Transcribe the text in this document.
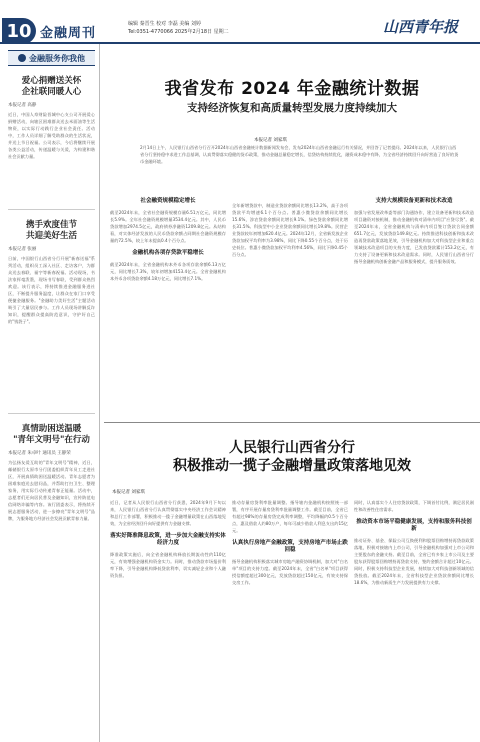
10 金融周刊
编辑 秦晋生 校对 李磊 美编 刘婷
Tel:0351-4770066 2025年2月18日 星期二	山西青年报
金融服务你我他
爱心捐赠送关怀
企社联同暖人心
本报记者 高静
近日，中国人寿财险晋城中心支公司开展爱心捐赠活动，向辖区困难群众送去米面油等生活物资，以实际行动践行企业社会责任。活动中，工作人员详细了解受助群众的生活状况，并送上节日祝福。公司表示，今后将继续开展各类公益活动，传递温暖与关爱，为构建和谐社会贡献力量。
携手欢度佳节
共迎美好生活
本报记者 张丽
日前，中国银行山西省分行开展"新春送福"系列活动，组织员工深入社区、走访客户，为群众送去春联、福字等新春祝福。活动现场，书法家挥毫泼墨，现场书写春联，受到群众热烈欢迎。该行表示，将持续推进金融服务进社区，不断提升服务温度，让群众在家门口享受便捷金融服务。"金融助力美好生活"主题活动吸引了大量居民参与。工作人员现场讲解反诈知识，提醒群众提高防范意识，守护好自己的"钱袋子"。
真情助困送温暖
"青年文明号"在行动
本报记者 朱卓叶 通讯员 王静荣
为弘扬友爱互助的"青年文明号"精神，近日，邮储银行太原市分行团委组织青年员工走进社区，开展真情助困送温暖活动。青年志愿者为困难家庭送去慰问品，并帮助打扫卫生、整理家务，用实际行动传递青春正能量。活动中，志愿者们还向居民普及金融知识，宣传防范电信网络诈骗等内容。该行团委表示，将持续开展志愿服务活动，进一步擦亮"青年文明号"品牌，为服务地方经济社会发展贡献青春力量。
我省发布 2024 年金融统计数据
支持经济恢复和高质量转型发展力度持续加大
本报记者 刘家琪
2月14日上午，人民银行山西省分行召开2024年山西省金融统计数据新闻发布会，发布2024年山西省金融运行有关情况，并回答了记者提问。2024年以来，人民银行山西省分行坚持稳中求进工作总基调，认真贯彻落实稳健的货币政策，推动金融总量稳定增长，信贷结构持续优化，融资成本稳中有降，为全省经济持续回升向好营造了良好的货币金融环境。
社会融资规模稳定增长
截至2024年末，全省社会融资规模存量6.51万亿元，同比增长5.9%。全年社会融资规模增量3534.4亿元。其中，人民币贷款增加2974.5亿元，政府债券净融资1209.8亿元。从结构看，对实体经济发放的人民币贷款余额占同期社会融资规模存量的72.5%，较上年末提高0.4个百分点。
金融机构各项存贷款平稳增长
截至2024年末，全省金融机构本外币各项存款余额6.13万亿元，同比增长7.3%，较年初增加4153.4亿元。全省金融机构本外币各项贷款余额4.18万亿元，同比增长7.1%。
全年新增贷款中，制造业贷款余额同比增长13.2%，高于各项贷款平均增速6.1个百分点。普惠小微贷款余额同比增长15.6%，涉农贷款余额同比增长9.1%。绿色贷款余额同比增长31.5%。科技型中小企业贷款余额同比增长19.8%。民营企业贷款较年初增加620.4亿元。2024年12月，全省新发放企业贷款加权平均利率为3.98%，同比下降0.55个百分点，处于历史低位。普惠小微贷款加权平均利率4.56%，同比下降0.45个百分点。
支持大规模设备更新和技术改造
加强与省发展改革委等部门沟通协作，建立设备更新和技术改造项目融资对接机制，推动金融机构对清单内项目"应贷尽贷"。截至2024年末，全省金融机构与清单内项目签订贷款合同金额651.7亿元，发放贷款149.8亿元。持续推进科技创新和技术改造再贷款政策落地见效，引导金融机构加大对科技型企业和重点领域技术改造项目的支持力度，已发放贷款累计153.2亿元，有力支持了设备更新和技术改造需求。同时，人民银行山西省分行指导金融机构创新金融产品和服务模式，提升服务质效。
人民银行山西省分行
积极推动一揽子金融增量政策落地见效
本报记者 刘家琪
近日，记者从人民银行山西省分行获悉，2024年9月下旬以来，人民银行山西省分行认真贯彻落实中央经济工作会议精神和总行工作部署，积极推动一揽子金融增量政策在山西落地见效，为全省经济回升向好提供有力金融支撑。
落实好降准降息政策，进一步加大金融支持实体经济力度
降准政策实施后，向全省金融机构释放长期流动性约110亿元，有效增强金融机构资金实力。同时，推动贷款市场报价利率下降，引导金融机构降低贷款利率，切实减轻企业和个人融资负担。
推动存量房贷利率批量调整。指导辖内金融机构按照统一部署，有序开展存量房贷利率批量调整工作。截至目前，全省已有超过98%的存量房贷完成利率调整，平均降幅约0.5个百分点，惠及借款人约80万户，每年可减少借款人利息支出约15亿元。
认真执行房地产金融政策，支持房地产市场止跌回稳
指导金融机构积极落实城市房地产融资协调机制，加大对"白名单"项目的支持力度。截至2024年末，全省"白名单"项目获得授信额度超过300亿元，发放贷款超过150亿元，有效支持保交房工作。
同时，认真落实个人住房贷款政策，下调首付比例，满足居民刚性和改善性住房需求。
推动资本市场平稳健康发展，支持和服务科技创新
推动证券、基金、保险公司互换便利和股票回购增持再贷款政策落地，积极对接辖内上市公司，引导金融机构加强对上市公司和主要股东的金融支持。截至目前，全省已有多家上市公司及主要股东获得股票回购增持再贷款支持，签约金额合计超过10亿元。同时，积极支持科技型企业发展，持续加大对科技创新领域的信贷投放。截至2024年末，全省科技型企业贷款余额同比增长18.6%，为推动新质生产力发展提供有力支撑。
